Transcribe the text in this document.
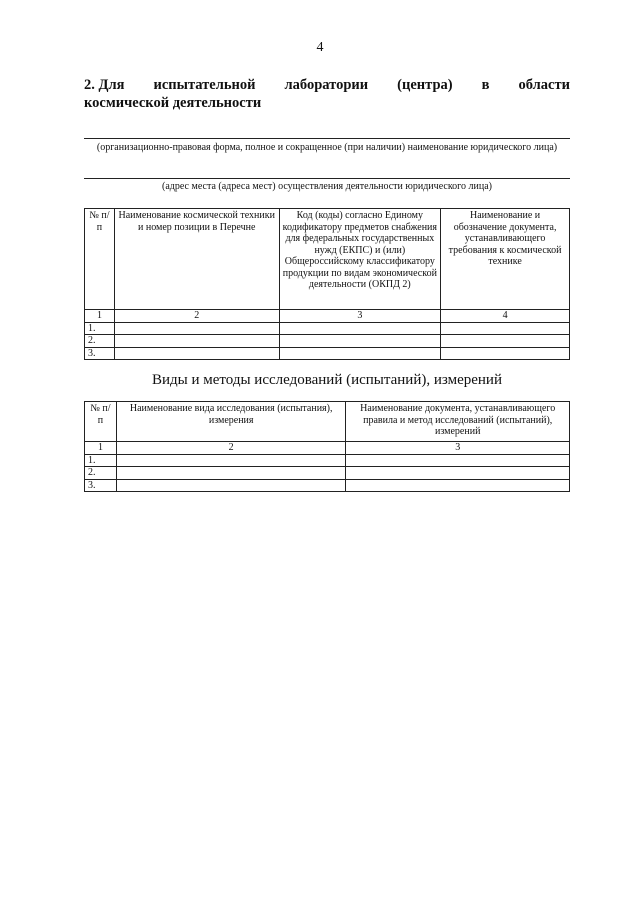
4
2. Для испытательной лаборатории (центра) в области
космической деятельности
(организационно-правовая форма, полное и сокращенное (при наличии) наименование юридического лица)
(адрес места (адреса мест) осуществления деятельности юридического лица)
№ п/п	Наименование космической техники и номер позиции в Перечне	Код (коды) согласно Единому кодификатору предметов снабжения для федеральных государственных нужд (ЕКПС) и (или) Общероссийскому классификатору продукции по видам экономической деятельности (ОКПД 2)	Наименование и обозначение документа, устанавливающего требования к космической технике
1	2	3	4
1.			
2.			
3.			
Виды и методы исследований (испытаний), измерений
№ п/п	Наименование вида исследования (испытания), измерения	Наименование документа, устанавливающего правила и метод исследований (испытаний), измерений
1	2	3
1.		
2.		
3.		
